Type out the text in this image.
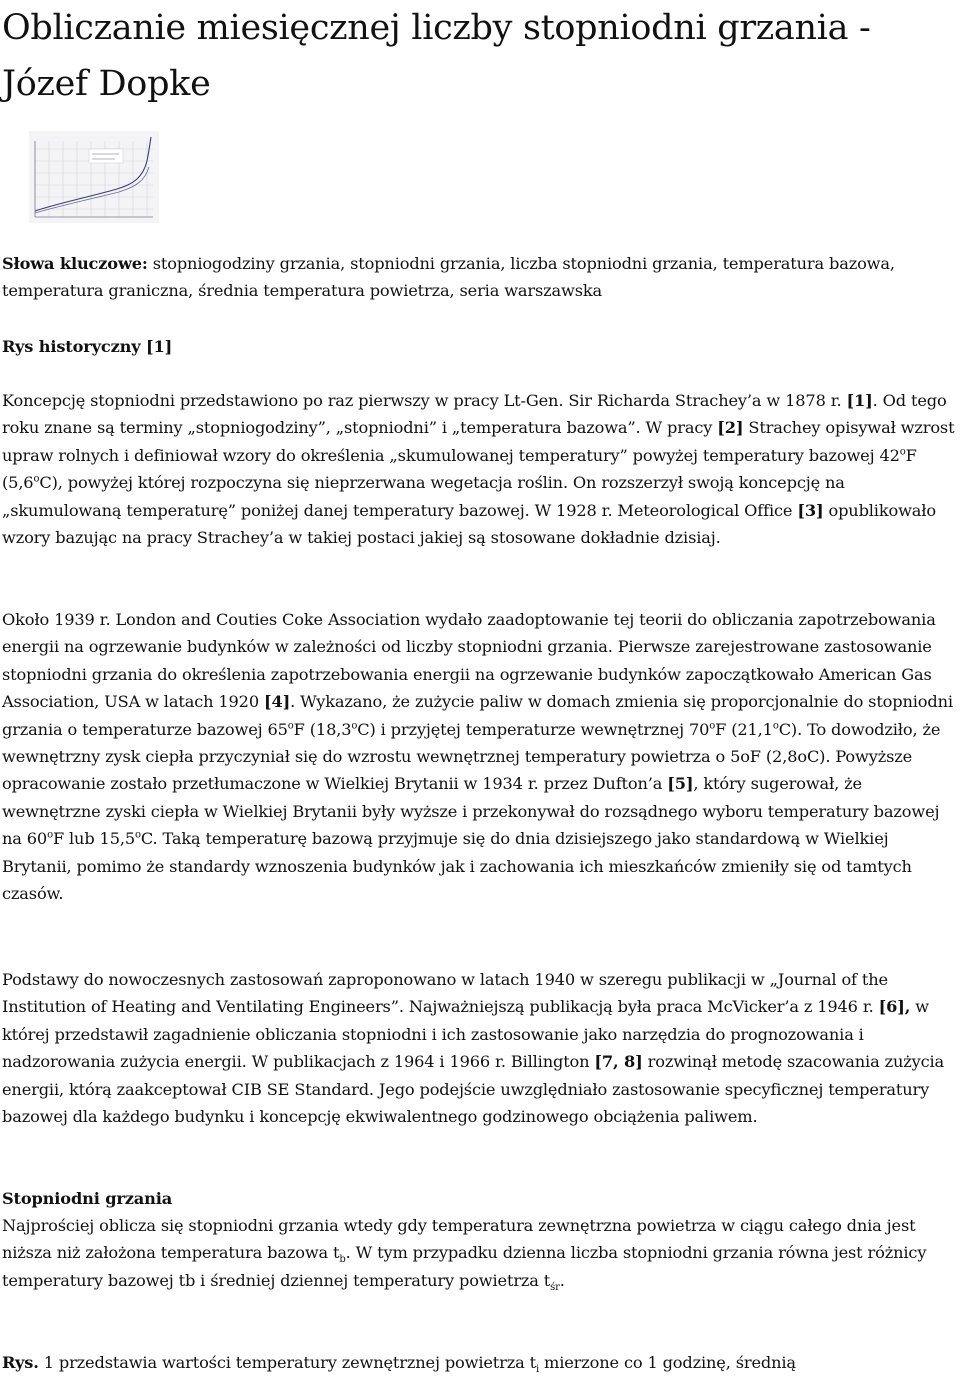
Obliczanie miesięcznej liczby stopniodni grzania - Józef Dopke

Słowa kluczowe: stopniogodziny grzania, stopniodni grzania, liczba stopniodni grzania, temperatura bazowa, temperatura graniczna, średnia temperatura powietrza, seria warszawska

Rys historyczny [1]

Koncepcję stopniodni przedstawiono po raz pierwszy w pracy Lt-Gen. Sir Richarda Strachey’a w 1878 r. [1]. Od tego roku znane są terminy „stopniogodziny”, „stopniodni” i „temperatura bazowa”. W pracy [2] Strachey opisywał wzrost upraw rolnych i definiował wzory do określenia „skumulowanej temperatury” powyżej temperatury bazowej 42$^o$F (5,6$^o$C), powyżej której rozpoczyna się nieprzerwana wegetacja roślin. On rozszerzył swoją koncepcję na „skumulowaną temperaturę” poniżej danej temperatury bazowej. W 1928 r. Meteorological Office [3] opublikowało wzory bazując na pracy Strachey’a w takiej postaci jakiej są stosowane dokładnie dzisiaj.

Około 1939 r. London and Couties Coke Association wydało zaadoptowanie tej teorii do obliczania zapotrzebowania energii na ogrzewanie budynków w zależności od liczby stopniodni grzania. Pierwsze zarejestrowane zastosowanie stopniodni grzania do określenia zapotrzebowania energii na ogrzewanie budynków zapoczątkowało American Gas Association, USA w latach 1920 [4]. Wykazano, że zużycie paliw w domach zmienia się proporcjonalnie do stopniodni grzania o temperaturze bazowej 65$^o$F (18,3$^o$C) i przyjętej temperaturze wewnętrznej 70$^o$F (21,1$^o$C). To dowodziło, że wewnętrzny zysk ciepła przyczyniał się do wzrostu wewnętrznej temperatury powietrza o 5oF (2,8oC). Powyższe opracowanie zostało przetłumaczone w Wielkiej Brytanii w 1934 r. przez Dufton’a [5], który sugerował, że wewnętrzne zyski ciepła w Wielkiej Brytanii były wyższe i przekonywał do rozsądnego wyboru temperatury bazowej na 60$^o$F lub 15,5$^o$C. Taką temperaturę bazową przyjmuje się do dnia dzisiejszego jako standardową w Wielkiej Brytanii, pomimo że standardy wznoszenia budynków jak i zachowania ich mieszkańców zmieniły się od tamtych czasów.

Podstawy do nowoczesnych zastosowań zaproponowano w latach 1940 w szeregu publikacji w „Journal of the Institution of Heating and Ventilating Engineers”. Najważniejszą publikacją była praca McVicker’a z 1946 r. [6], w której przedstawił zagadnienie obliczania stopniodni i ich zastosowanie jako narzędzia do prognozowania i nadzorowania zużycia energii. W publikacjach z 1964 i 1966 r. Billington [7, 8] rozwinął metodę szacowania zużycia energii, którą zaakceptował CIB SE Standard. Jego podejście uwzględniało zastosowanie specyficznej temperatury bazowej dla każdego budynku i koncepcję ekwiwalentnego godzinowego obciążenia paliwem.

Stopniodni grzania

Najprościej oblicza się stopniodni grzania wtedy gdy temperatura zewnętrzna powietrza w ciągu całego dnia jest niższa niż założona temperatura bazowa $t_b$. W tym przypadku dzienna liczba stopniodni grzania równa jest różnicy temperatury bazowej tb i średniej dziennej temperatury powietrza $t_{śr}$.

Rys. 1 przedstawia wartości temperatury zewnętrznej powietrza $t_i$ mierzone co 1 godzinę, średnią
